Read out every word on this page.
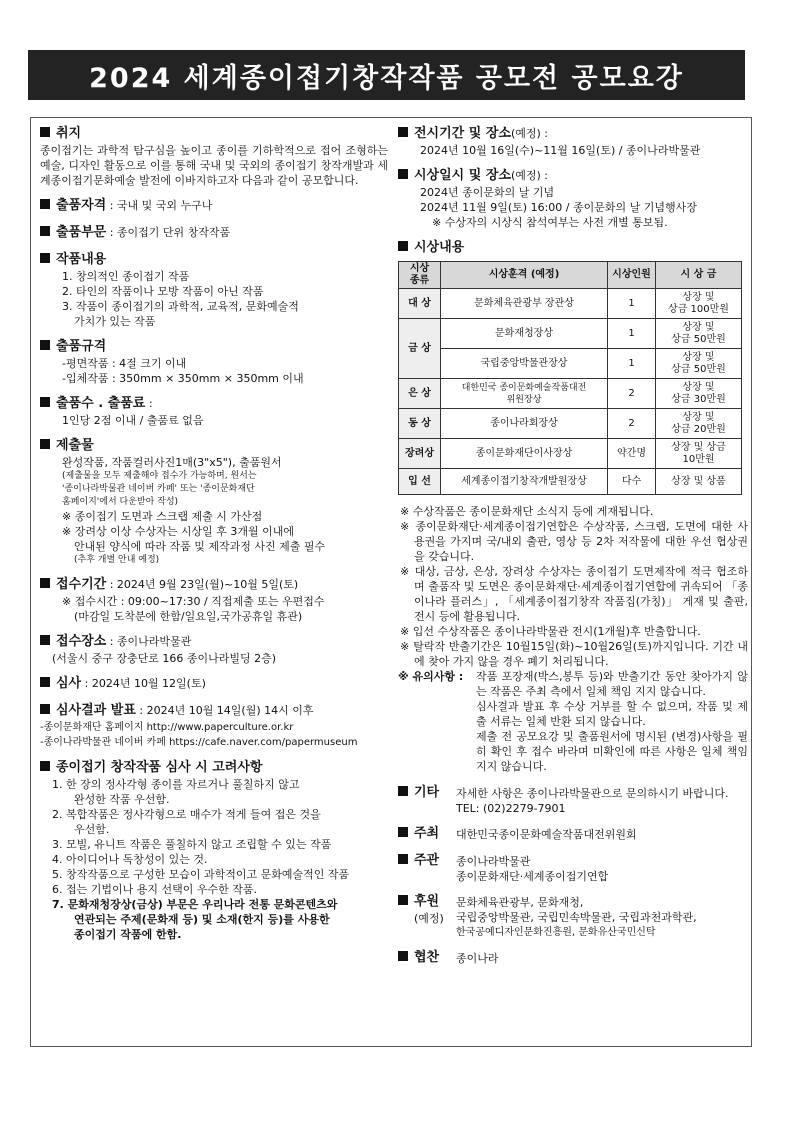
2024 세계종이접기창작작품 공모전 공모요강
취지
종이접기는 과학적 탐구심을 높이고 종이를 기하학적으로 접어 조형하는 예술, 디자인 활동으로 이를 통해 국내 및 국외의 종이접기 창작개발과 세계종이접기문화예술 발전에 이바지하고자 다음과 같이 공모합니다.
출품자격 : 국내 및 국외 누구나
출품부문 : 종이접기 단위 창작작품
작품내용
1. 창의적인 종이접기 작품
2. 타인의 작품이나 모방 작품이 아닌 작품
3. 작품이 종이접기의 과학적, 교육적, 문화예술적
가치가 있는 작품
출품규격
-평면작품 : 4절 크기 이내
-입체작품 : 350mm × 350mm × 350mm 이내
출품수 . 출품료 :
1인당 2점 이내 / 출품료 없음
제출물
완성작품, 작품컬러사진1매(3"x5"), 출품원서
(제출물을 모두 제출해야 접수가 가능하며, 원서는
'종이나라박물관 네이버 카페' 또는 '종이문화재단
홈페이지'에서 다운받아 작성)
※ 종이접기 도면과 스크랩 제출 시 가산점
※ 장려상 이상 수상자는 시상일 후 3개월 이내에
안내된 양식에 따라 작품 및 제작과정 사진 제출 필수
(추후 개별 안내 예정)
접수기간 : 2024년 9월 23일(월)~10월 5일(토)
※ 접수시간 : 09:00~17:30 / 직접제출 또는 우편접수
(마감일 도착분에 한함/일요일,국가공휴일 휴관)
접수장소 : 종이나라박물관
(서울시 중구 장충단로 166 종이나라빌딩 2층)
심사 : 2024년 10월 12일(토)
심사결과 발표 : 2024년 10월 14일(월) 14시 이후
-종이문화재단 홈페이지 http://www.paperculture.or.kr
-종이나라박물관 네이버 카페 https://cafe.naver.com/papermuseum
종이접기 창작작품 심사 시 고려사항
1. 한 장의 정사각형 종이를 자르거나 풀칠하지 않고
완성한 작품 우선함.
2. 복합작품은 정사각형으로 매수가 적게 들여 접은 것을
우선함.
3. 모빌, 유니트 작품은 풀칠하지 않고 조립할 수 있는 작품
4. 아이디어나 독창성이 있는 것.
5. 창작작품으로 구성한 모습이 과학적이고 문화예술적인 작품
6. 접는 기법이나 용지 선택이 우수한 작품.
7. 문화재청장상(금상) 부문은 우리나라 전통 문화콘텐츠와
연관되는 주제(문화재 등) 및 소재(한지 등)를 사용한
종이접기 작품에 한함.
전시기간 및 장소(예정) :
2024년 10월 16일(수)~11월 16일(토) / 종이나라박물관
시상일시 및 장소(예정) :
2024년 종이문화의 날 기념
2024년 11월 9일(토) 16:00 / 종이문화의 날 기념행사장
※ 수상자의 시상식 참석여부는 사전 개별 통보됨.
시상내용
시상
종류	시상훈격 (예정)	시상인원	시 상 금
대 상	문화체육관광부 장관상	1	상장 및
상금 100만원
금 상	문화재청장상	1	상장 및
상금 50만원
	국립중앙박물관장상	1	상장 및
상금 50만원
은 상	대한민국 종이문화예술작품대전
위원장상	2	상장 및
상금 30만원
동 상	종이나라회장상	2	상장 및
상금 20만원
장려상	종이문화재단이사장상	약간명	상장 및 상금
10만원
입 선	세계종이접기창작개발원장상	다수	상장 및 상품
※ 수상작품은 종이문화재단 소식지 등에 게재됩니다.
※ 종이문화재단·세계종이접기연합은 수상작품, 스크랩, 도면에 대한 사용권을 가지며 국/내외 출판, 영상 등 2차 저작물에 대한 우선 협상권을 갖습니다.
※ 대상, 금상, 은상, 장려상 수상자는 종이접기 도면제작에 적극 협조하며 출품작 및 도면은 종이문화재단·세계종이접기연합에 귀속되어 「종이나라 플러스」, 「세계종이접기창작 작품집(가칭)」 게재 및 출판, 전시 등에 활용됩니다.
※ 입선 수상작품은 종이나라박물관 전시(1개월)후 반출합니다.
※ 탈락작 반출기간은 10월15일(화)~10월26일(토)까지입니다. 기간 내에 찾아 가지 않을 경우 폐기 처리됩니다.
※ 유의사항 :	작품 포장재(박스,봉투 등)와 반출기간 동안 찾아가지 않는 작품은 주최 측에서 일체 책임 지지 않습니다.
심사결과 발표 후 수상 거부를 할 수 없으며, 작품 및 제출 서류는 일체 반환 되지 않습니다.
제출 전 공모요강 및 출품원서에 명시된 (변경)사항을 필히 확인 후 접수 바라며 미확인에 따른 사항은 일체 책임지지 않습니다.
기타	자세한 사항은 종이나라박물관으로 문의하시기 바랍니다.
TEL: (02)2279-7901
주최	대한민국종이문화예술작품대전위원회
주관	종이나라박물관
종이문화재단·세계종이접기연합
후원
(예정)
문화체육관광부, 문화재청,
국립중앙박물관, 국립민속박물관, 국립과천과학관,
한국공예디자인문화진흥원, 문화유산국민신탁
협찬	종이나라
